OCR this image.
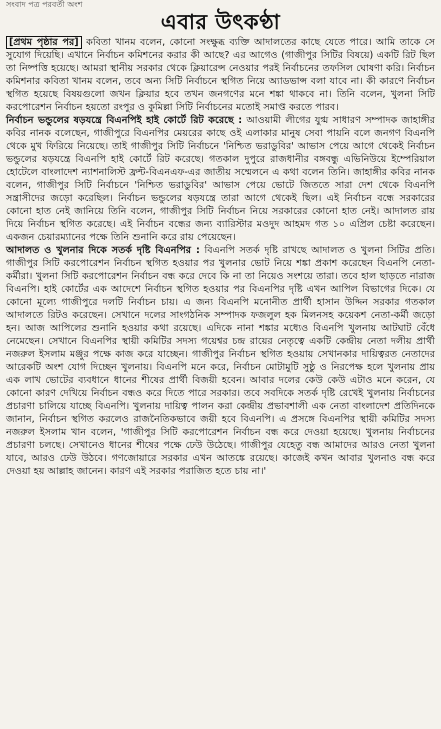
সংবাদ পত্র পরবর্তী অংশ
এবার উৎকণ্ঠা

[প্রথম পৃষ্ঠার পর] কবিতা খানম বলেন, কোনো সংক্ষুব্ধ ব্যক্তি আদালতের কাছে যেতে পারে। আমি তাকে সে সুযোগ দিয়েছি। এখানে নির্বাচন কমিশনের করার কী আছে? এর আগেও (গাজীপুর সিটির বিষয়ে) একটি রিট ছিল তা নিষ্পত্তি হয়েছে। আমরা স্থানীয় সরকার থেকে ক্লিয়ারেন্স নেওয়ার পরই নির্বাচনের তফসিল ঘোষণা করি। নির্বাচন কমিশনার কবিতা খানম বলেন, তবে অন্য সিটি নির্বাচনে স্থগিত নিয়ে অ্যাডভান্স বলা যাবে না। কী কারণে নির্বাচন স্থগিত হয়েছে বিষয়গুলো জখন ক্লিয়ার হবে তখন জনগণের মনে শঙ্কা থাকবে না। তিনি বলেন, খুলনা সিটি করপোরেশন নির্বাচন হয়তো রংপুর ও কুমিল্লা সিটি নির্বাচনের মতোই সমাপ্ত করতে পারব।

নির্বাচন ভন্ডুলের ষড়যন্ত্রে বিএনপিই হাই কোর্টে রিট করেছে : আওয়ামী লীগের যুগ্ম সাধারণ সম্পাদক জাহাঙ্গীর কবির নানক বলেছেন, গাজীপুরে বিএনপির মেয়রের কাছে ওই এলাকার মানুষ সেবা পায়নি বলে জনগণ বিএনপি থেকে মুখ ফিরিয়ে নিয়েছে। তাই গাজীপুর সিটি নির্বাচনে 'নিশ্চিত ভরাডুবির' আভাস পেয়ে আগে থেকেই নির্বাচন ভন্ডুলের ষড়যন্ত্রে বিএনপি হাই কোর্টে রিট করেছে। গতকাল দুপুরে রাজধানীর বঙ্গবন্ধু এভিনিউয়ে ইম্পেরিয়াল হোটেলে বাংলাদেশ ন্যাশনালিস্ট ফ্রন্ট-বিএনএফ-এর জাতীয় সম্মেলনে এ কথা বলেন তিনি। জাহাঙ্গীর কবির নানক বলেন, গাজীপুর সিটি নির্বাচনে 'নিশ্চিত ভরাডুবির' আভাস পেয়ে ভোটে জিততে সারা দেশ থেকে বিএনপি সন্ত্রাসীদের জড়ো করেছিল। নির্বাচন ভন্ডুলের ষড়যন্ত্রে তারা আগে থেকেই ছিল। এই নির্বাচন বন্ধে সরকারের কোনো হাত নেই জানিয়ে তিনি বলেন, গাজীপুর সিটি নির্বাচন নিয়ে সরকারের কোনো হাত নেই। আদালত রায় দিয়ে নির্বাচন স্থগিত করেছে। এই নির্বাচন বন্ধের জন্য ব্যারিস্টার মওদুদ আহমদ গত ১০ এপ্রিল চেষ্টা করেছেন। একজন চেয়ারম্যানের পক্ষে তিনি শুনানি করে রায় পেয়েছেন।

আদালত ও খুলনার দিকে সতর্ক দৃষ্টি বিএনপির : বিএনপি সতর্ক দৃষ্টি রাখছে আদালত ও খুলনা সিটির প্রতি। গাজীপুর সিটি করপোরেশন নির্বাচন স্থগিত হওয়ার পর খুলনার ভোট নিয়ে শঙ্কা প্রকাশ করেছেন বিএনপি নেতা-কর্মীরা। খুলনা সিটি করপোরেশন নির্বাচন বন্ধ করে দেবে কি না তা নিয়েও সংশয়ে তারা। তবে হাল ছাড়তে নারাজ বিএনপি। হাই কোর্টের এক আদেশে নির্বাচন স্থগিত হওয়ার পর বিএনপির দৃষ্টি এখন আপিল বিভাগের দিকে। যে কোনো মূল্যে গাজীপুরে দলটি নির্বাচন চায়। এ জন্য বিএনপি মনোনীত প্রার্থী হাসান উদ্দিন সরকার গতকাল আদালতে রিটও করেছেন। সেখানে দলের সাংগঠনিক সম্পাদক ফজলুল হক মিলনসহ কয়েকশ নেতা-কর্মী জড়ো হন। আজ আপিলের শুনানি হওয়ার কথা রয়েছে। এদিকে নানা শঙ্কার মধ্যেও বিএনপি খুলনায় আটঘাট বেঁধে নেমেছেন। সেখানে বিএনপির স্থায়ী কমিটির সদস্য গয়েশ্বর চন্দ্র রায়ের নেতৃত্বে একটি কেন্দ্রীয় নেতা দলীয় প্রার্থী নজরুল ইসলাম মঞ্জুর পক্ষে কাজ করে যাচ্ছেন। গাজীপুর নির্বাচন স্থগিত হওয়ায় সেখানকার দায়িত্বরত নেতাদের আরেকটি অংশ যোগ দিচ্ছেন খুলনায়। বিএনপি মনে করে, নির্বাচন মোটামুটি সুষ্ঠু ও নিরপেক্ষ হলে খুলনায় প্রায় এক লাখ ভোটের ব্যবধানে ধানের শীষের প্রার্থী বিজয়ী হবেন। আবার দলের কেউ কেউ এটাও মনে করেন, যে কোনো কারণ দেখিয়ে নির্বাচন বন্ধও করে দিতে পারে সরকার। তবে সবদিকে সতর্ক দৃষ্টি রেখেই খুলনায় নির্বাচনের প্রচারণা চালিয়ে যাচ্ছে বিএনপি। খুলনায় দায়িত্ব পালন করা কেন্দ্রীয় প্রভাবশালী এক নেতা বাংলাদেশ প্রতিদিনকে জানান, নির্বাচন স্থগিত করলেও রাজনৈতিকভাবে জয়ী হবে বিএনপি। এ প্রসঙ্গে বিএনপির স্থায়ী কমিটির সদস্য নজরুল ইসলাম খান বলেন, 'গাজীপুর সিটি করপোরেশন নির্বাচন বন্ধ করে দেওয়া হয়েছে। খুলনায় নির্বাচনের প্রচারণা চলছে। সেখানেও ধানের শীষের পক্ষে ঢেউ উঠেছে। গাজীপুর যেহেতু বন্ধ আমাদের আরও নেতা খুলনা যাবে, আরও ঢেউ উঠবে। গণজোয়ারে সরকার এখন আতঙ্কে রয়েছে। কাজেই কখন আবার খুলনাও বন্ধ করে দেওয়া হয় আল্লাহ জানেন। কারণ এই সরকার পরাজিত হতে চায় না।'
